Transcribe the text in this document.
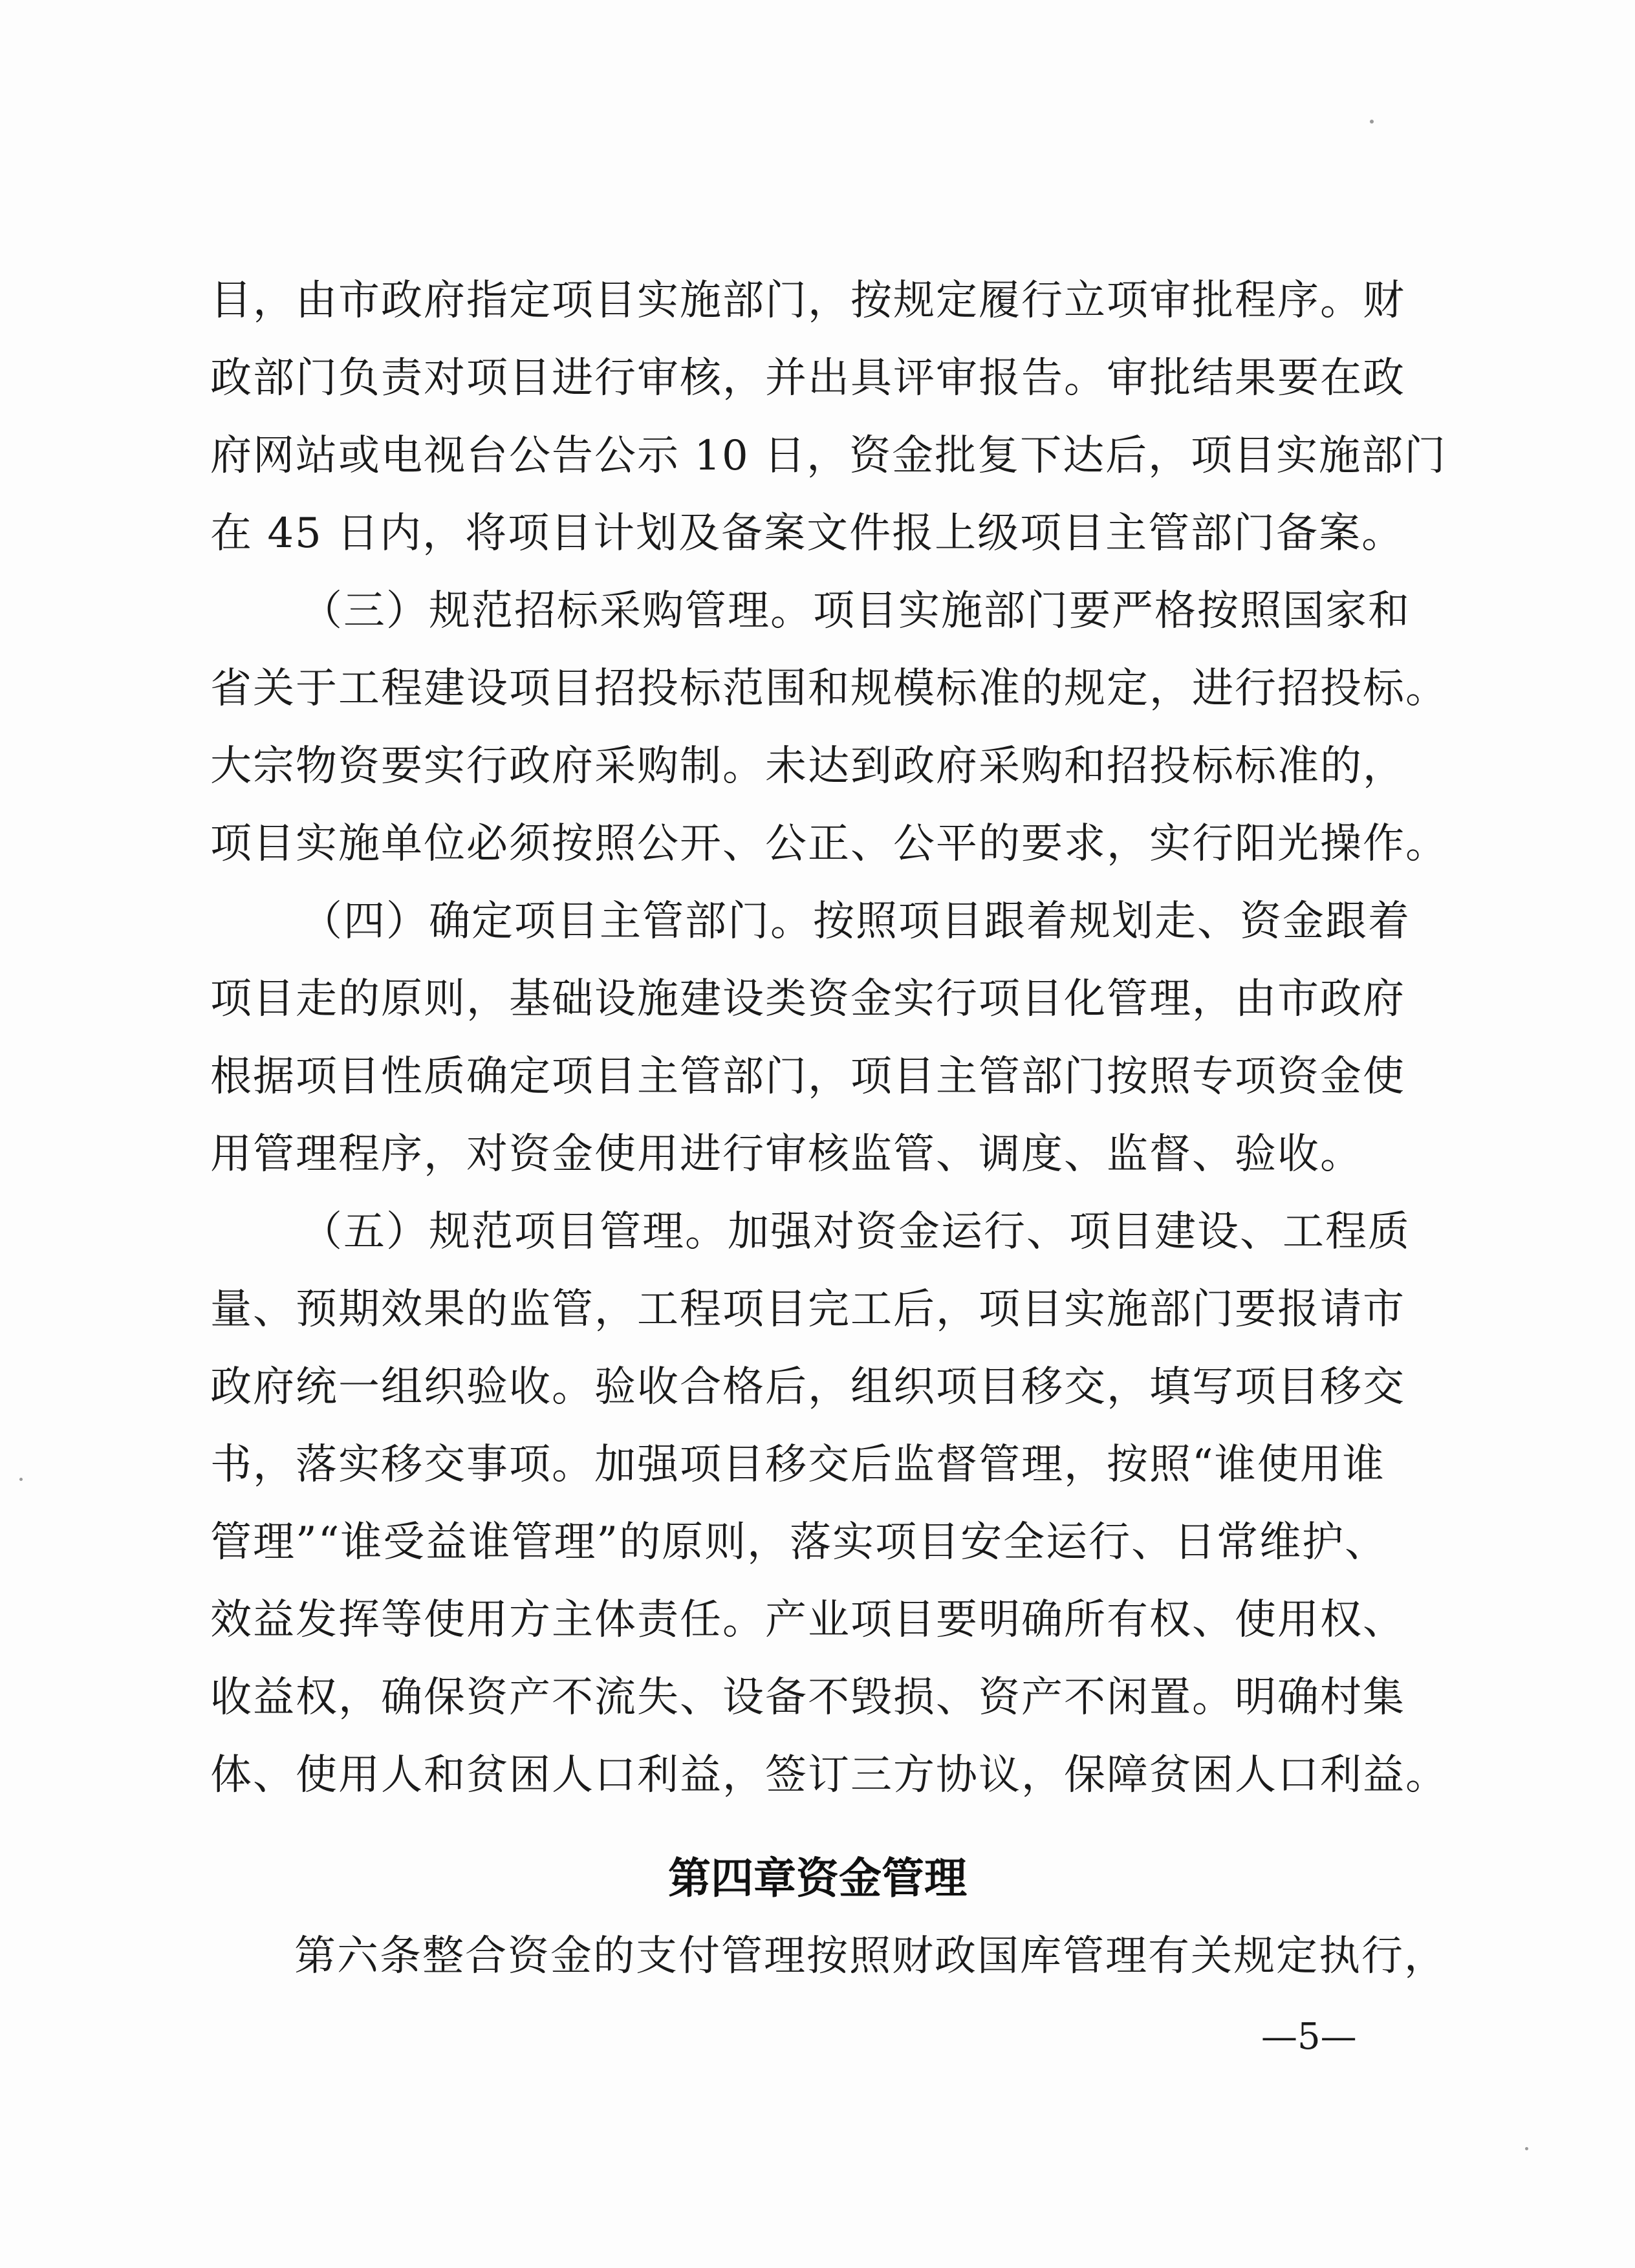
目，由市政府指定项目实施部门，按规定履行立项审批程序。财
政部门负责对项目进行审核，并出具评审报告。审批结果要在政
府网站或电视台公告公示 10 日，资金批复下达后，项目实施部门
在 45 日内，将项目计划及备案文件报上级项目主管部门备案。
（三）规范招标采购管理。项目实施部门要严格按照国家和
省关于工程建设项目招投标范围和规模标准的规定，进行招投标。
大宗物资要实行政府采购制。未达到政府采购和招投标标准的，
项目实施单位必须按照公开、公正、公平的要求，实行阳光操作。
（四）确定项目主管部门。按照项目跟着规划走、资金跟着
项目走的原则，基础设施建设类资金实行项目化管理，由市政府
根据项目性质确定项目主管部门，项目主管部门按照专项资金使
用管理程序，对资金使用进行审核监管、调度、监督、验收。
（五）规范项目管理。加强对资金运行、项目建设、工程质
量、预期效果的监管，工程项目完工后，项目实施部门要报请市
政府统一组织验收。验收合格后，组织项目移交，填写项目移交
书，落实移交事项。加强项目移交后监督管理，按照“谁使用谁
管理”“谁受益谁管理”的原则，落实项目安全运行、日常维护、
效益发挥等使用方主体责任。产业项目要明确所有权、使用权、
收益权，确保资产不流失、设备不毁损、资产不闲置。明确村集
体、使用人和贫困人口利益，签订三方协议，保障贫困人口利益。
第四章资金管理
第六条整合资金的支付管理按照财政国库管理有关规定执行，
—5—
